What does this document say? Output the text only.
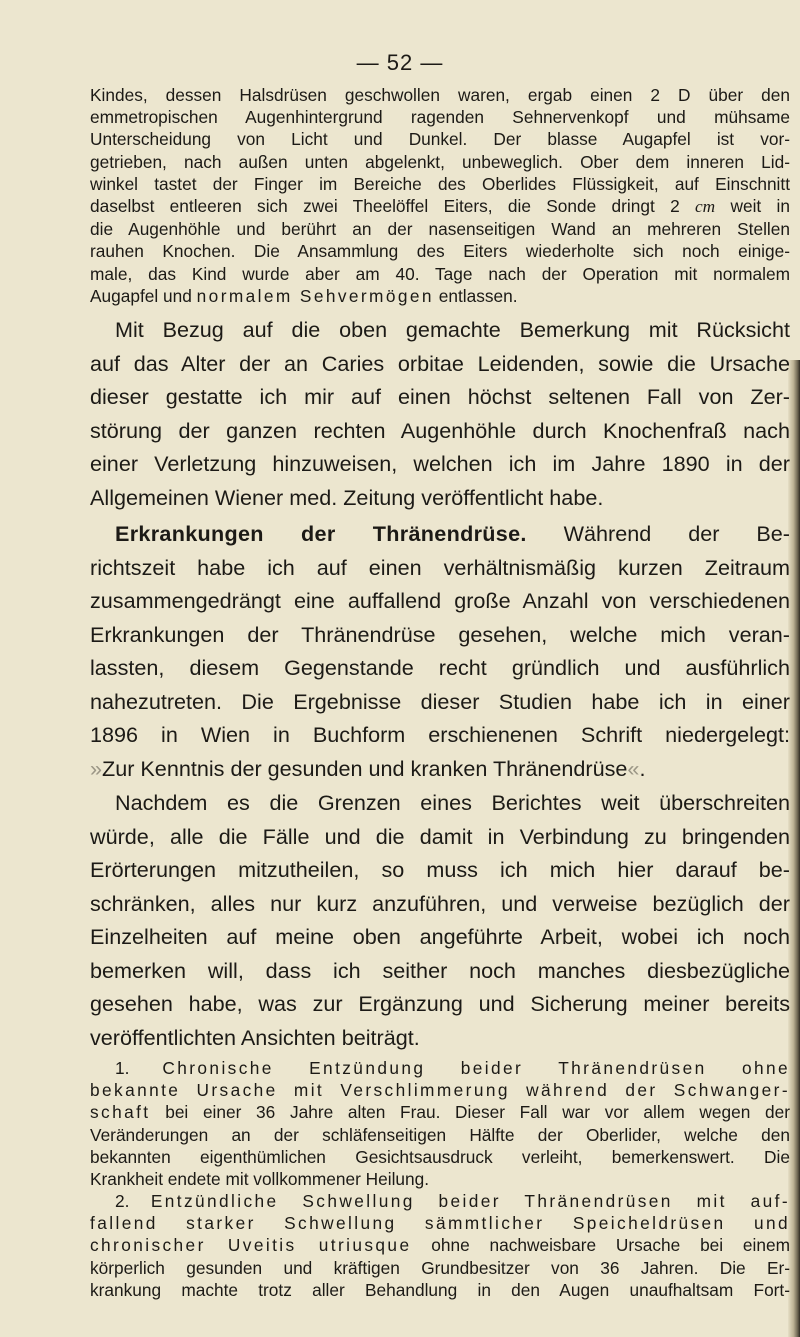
— 52 —

Kindes, dessen Halsdrüsen geschwollen waren, ergab einen 2 D über den

emmetropischen Augenhintergrund ragenden Sehnervenkopf und mühsame

Unterscheidung von Licht und Dunkel. Der blasse Augapfel ist vor-

getrieben, nach außen unten abgelenkt, unbeweglich. Ober dem inneren Lid-

winkel tastet der Finger im Bereiche des Oberlides Flüssigkeit, auf Einschnitt

daselbst entleeren sich zwei Theelöffel Eiters, die Sonde dringt 2 cm weit in

die Augenhöhle und berührt an der nasenseitigen Wand an mehreren Stellen

rauhen Knochen. Die Ansammlung des Eiters wiederholte sich noch einige-

male, das Kind wurde aber am 40. Tage nach der Operation mit normalem

Augapfel und normalem Sehvermögen entlassen.

Mit Bezug auf die oben gemachte Bemerkung mit Rücksicht

auf das Alter der an Caries orbitae Leidenden, sowie die Ursache

dieser gestatte ich mir auf einen höchst seltenen Fall von Zer-

störung der ganzen rechten Augenhöhle durch Knochenfraß nach

einer Verletzung hinzuweisen, welchen ich im Jahre 1890 in der

Allgemeinen Wiener med. Zeitung veröffentlicht habe.

Erkrankungen der Thränendrüse. Während der Be-

richtszeit habe ich auf einen verhältnismäßig kurzen Zeitraum

zusammengedrängt eine auffallend große Anzahl von verschiedenen

Erkrankungen der Thränendrüse gesehen, welche mich veran-

lassten, diesem Gegenstande recht gründlich und ausführlich

nahezutreten. Die Ergebnisse dieser Studien habe ich in einer

1896 in Wien in Buchform erschienenen Schrift niedergelegt:

»Zur Kenntnis der gesunden und kranken Thränendrüse«.

Nachdem es die Grenzen eines Berichtes weit überschreiten

würde, alle die Fälle und die damit in Verbindung zu bringenden

Erörterungen mitzutheilen, so muss ich mich hier darauf be-

schränken, alles nur kurz anzuführen, und verweise bezüglich der

Einzelheiten auf meine oben angeführte Arbeit, wobei ich noch

bemerken will, dass ich seither noch manches diesbezügliche

gesehen habe, was zur Ergänzung und Sicherung meiner bereits

veröffentlichten Ansichten beiträgt.

1. Chronische Entzündung beider Thränendrüsen ohne

bekannte Ursache mit Verschlimmerung während der Schwanger-

schaft bei einer 36 Jahre alten Frau. Dieser Fall war vor allem wegen der

Veränderungen an der schläfenseitigen Hälfte der Oberlider, welche den

bekannten eigenthümlichen Gesichtsausdruck verleiht, bemerkenswert. Die

Krankheit endete mit vollkommener Heilung.

2. Entzündliche Schwellung beider Thränendrüsen mit auf-

fallend starker Schwellung sämmtlicher Speicheldrüsen und

chronischer Uveitis utriusque ohne nachweisbare Ursache bei einem

körperlich gesunden und kräftigen Grundbesitzer von 36 Jahren. Die Er-

krankung machte trotz aller Behandlung in den Augen unaufhaltsam Fort-
